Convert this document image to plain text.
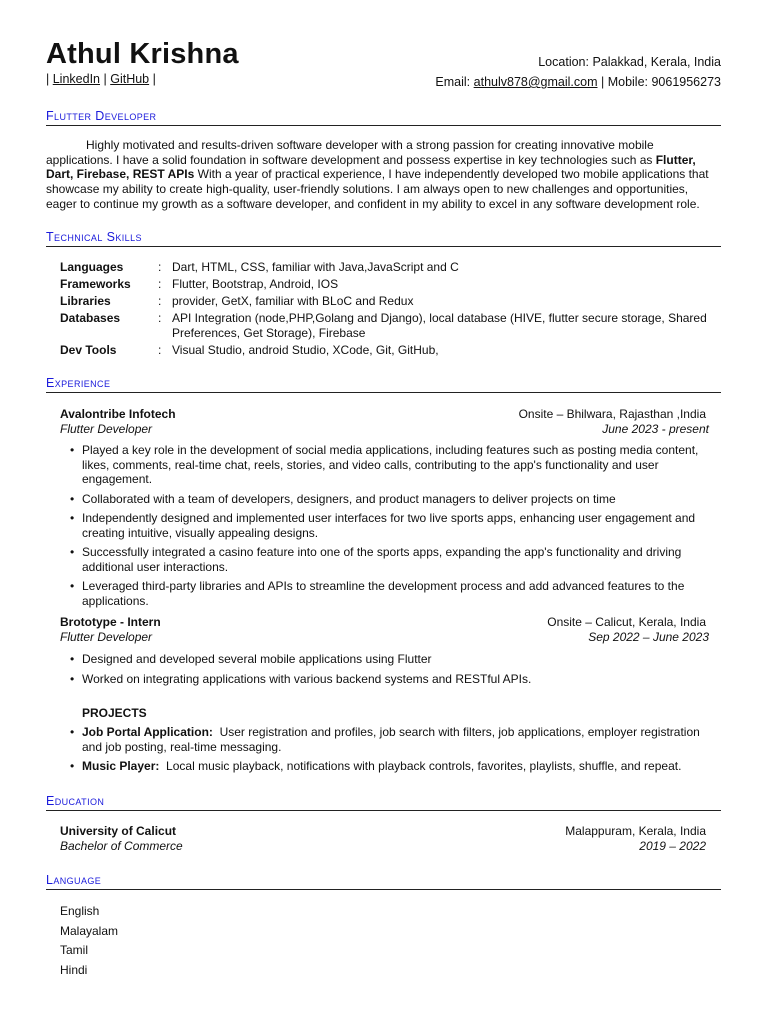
Athul Krishna
| LinkedIn | GitHub |
Location: Palakkad, Kerala, India
Email: athulv878@gmail.com | Mobile: 9061956273
Flutter Developer
Highly motivated and results-driven software developer with a strong passion for creating innovative mobile applications. I have a solid foundation in software development and possess expertise in key technologies such as Flutter, Dart, Firebase, REST APIs With a year of practical experience, I have independently developed two mobile applications that showcase my ability to create high-quality, user-friendly solutions. I am always open to new challenges and opportunities, eager to continue my growth as a software developer, and confident in my ability to excel in any software development role.
Technical Skills
Languages	: Dart, HTML, CSS, familiar with Java,JavaScript and C
Frameworks	: Flutter, Bootstrap, Android, IOS
Libraries	: provider, GetX, familiar with BLoC and Redux
Databases	: API Integration (node,PHP,Golang and Django), local database (HIVE, flutter secure storage, Shared Preferences, Get Storage), Firebase
Dev Tools	: Visual Studio, android Studio, XCode, Git, GitHub,
Experience
Avalontribe Infotech	Onsite – Bhilwara, Rajasthan ,India
Flutter Developer	June 2023 - present
• Played a key role in the development of social media applications, including features such as posting media content, likes, comments, real-time chat, reels, stories, and video calls, contributing to the app's functionality and user engagement.
• Collaborated with a team of developers, designers, and product managers to deliver projects on time
• Independently designed and implemented user interfaces for two live sports apps, enhancing user engagement and creating intuitive, visually appealing designs.
• Successfully integrated a casino feature into one of the sports apps, expanding the app's functionality and driving additional user interactions.
• Leveraged third-party libraries and APIs to streamline the development process and add advanced features to the applications.
Brototype - Intern	Onsite – Calicut, Kerala, India
Flutter Developer	Sep 2022 – June 2023
• Designed and developed several mobile applications using Flutter
• Worked on integrating applications with various backend systems and RESTful APIs.
PROJECTS
• Job Portal Application: User registration and profiles, job search with filters, job applications, employer registration and job posting, real-time messaging.
• Music Player: Local music playback, notifications with playback controls, favorites, playlists, shuffle, and repeat.
Education
University of Calicut	Malappuram, Kerala, India
Bachelor of Commerce	2019 – 2022
Language
English
Malayalam
Tamil
Hindi
